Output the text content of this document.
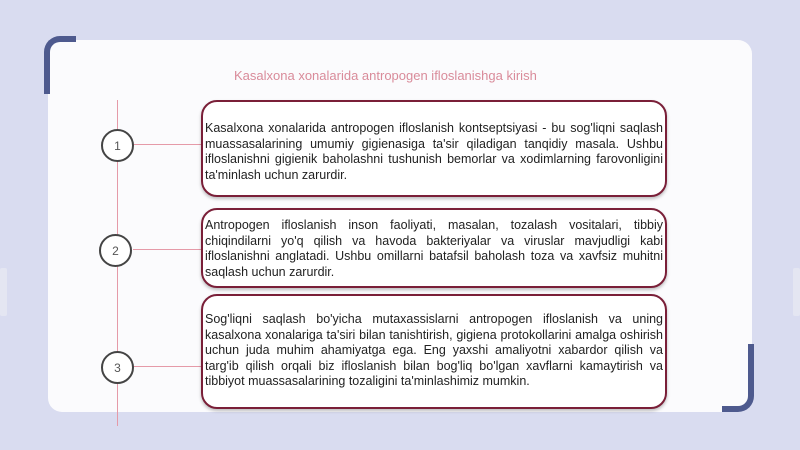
Kasalxona xonalarida antropogen ifloslanishga kirish
1
2
3

Kasalxona xonalarida antropogen ifloslanish kontseptsiyasi - bu sog'liqni saqlash muassasalarining umumiy gigienasiga ta'sir qiladigan tanqidiy masala. Ushbu ifloslanishni gigienik baholashni tushunish bemorlar va xodimlarning farovonligini ta'minlash uchun zarurdir.

Antropogen ifloslanish inson faoliyati, masalan, tozalash vositalari, tibbiy chiqindilarni yo'q qilish va havoda bakteriyalar va viruslar mavjudligi kabi ifloslanishni anglatadi. Ushbu omillarni batafsil baholash toza va xavfsiz muhitni saqlash uchun zarurdir.

Sog'liqni saqlash bo'yicha mutaxassislarni antropogen ifloslanish va uning kasalxona xonalariga ta'siri bilan tanishtirish, gigiena protokollarini amalga oshirish uchun juda muhim ahamiyatga ega. Eng yaxshi amaliyotni xabardor qilish va targ'ib qilish orqali biz ifloslanish bilan bog'liq bo'lgan xavflarni kamaytirish va tibbiyot muassasalarining tozaligini ta'minlashimiz mumkin.
